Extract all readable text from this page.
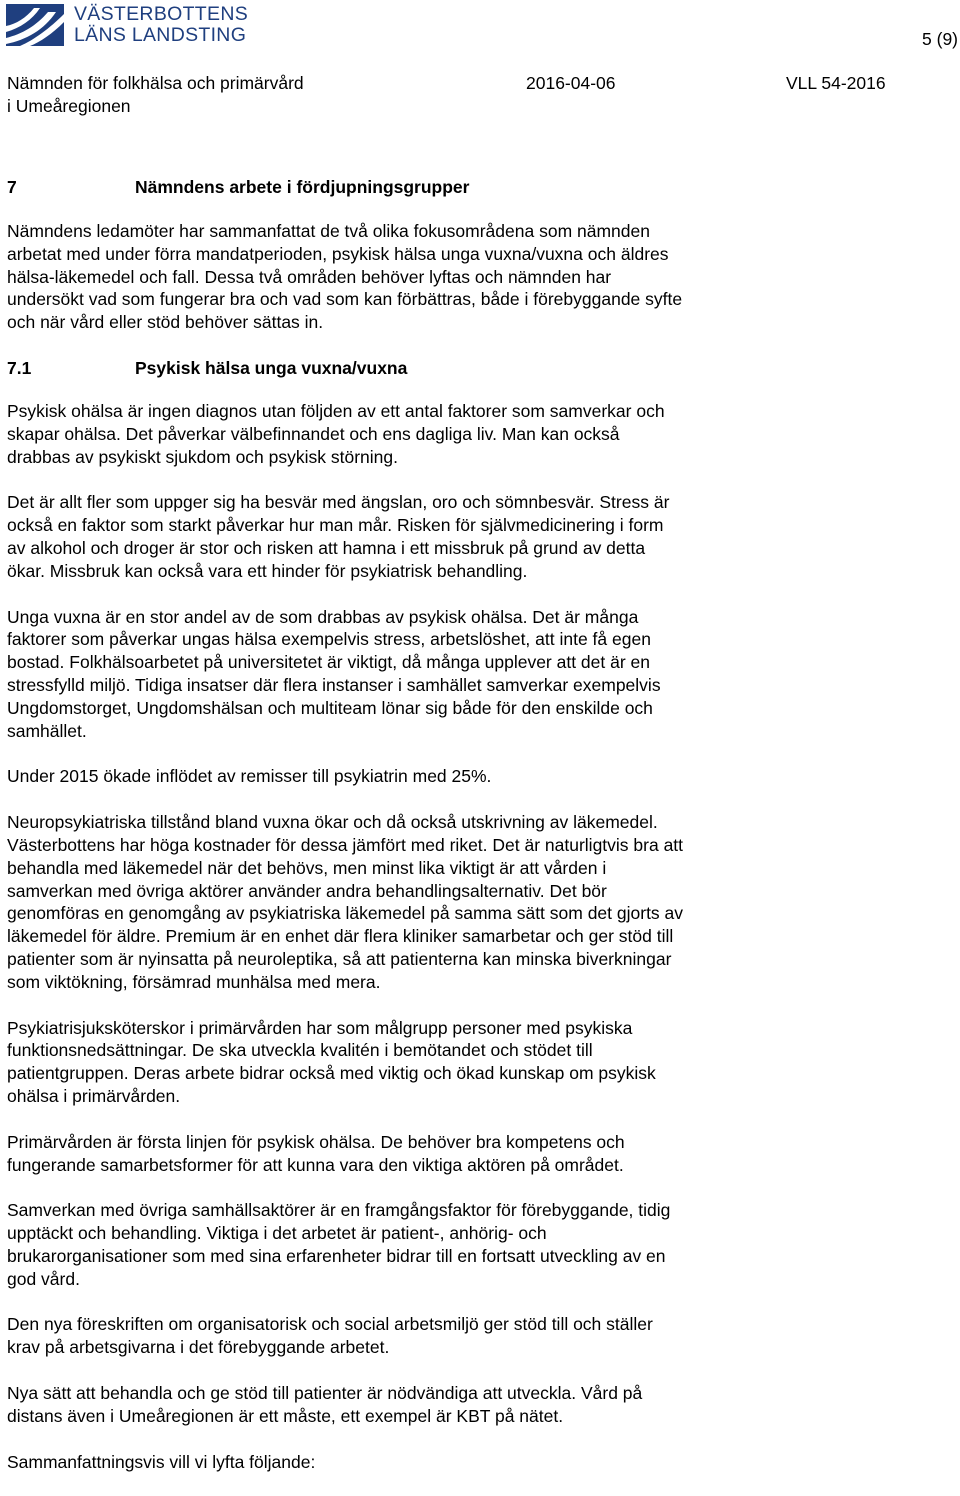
VÄSTERBOTTENS
LÄNS LANDSTING	5 (9)
Nämnden för folkhälsa och primärvård
i Umeåregionen
2016-04-06	VLL 54-2016
7	Nämndens arbete i fördjupningsgrupper

Nämndens ledamöter har sammanfattat de två olika fokusområdena som nämnden
arbetat med under förra mandatperioden, psykisk hälsa unga vuxna/vuxna och äldres
hälsa-läkemedel och fall. Dessa två områden behöver lyftas och nämnden har
undersökt vad som fungerar bra och vad som kan förbättras, både i förebyggande syfte
och när vård eller stöd behöver sättas in.

7.1	Psykisk hälsa unga vuxna/vuxna

Psykisk ohälsa är ingen diagnos utan följden av ett antal faktorer som samverkar och
skapar ohälsa. Det påverkar välbefinnandet och ens dagliga liv. Man kan också
drabbas av psykiskt sjukdom och psykisk störning.

Det är allt fler som uppger sig ha besvär med ängslan, oro och sömnbesvär. Stress är
också en faktor som starkt påverkar hur man mår. Risken för självmedicinering i form
av alkohol och droger är stor och risken att hamna i ett missbruk på grund av detta
ökar. Missbruk kan också vara ett hinder för psykiatrisk behandling.

Unga vuxna är en stor andel av de som drabbas av psykisk ohälsa. Det är många
faktorer som påverkar ungas hälsa exempelvis stress, arbetslöshet, att inte få egen
bostad. Folkhälsoarbetet på universitetet är viktigt, då många upplever att det är en
stressfylld miljö. Tidiga insatser där flera instanser i samhället samverkar exempelvis
Ungdomstorget, Ungdomshälsan och multiteam lönar sig både för den enskilde och
samhället.

Under 2015 ökade inflödet av remisser till psykiatrin med 25%.

Neuropsykiatriska tillstånd bland vuxna ökar och då också utskrivning av läkemedel.
Västerbottens har höga kostnader för dessa jämfört med riket. Det är naturligtvis bra att
behandla med läkemedel när det behövs, men minst lika viktigt är att vården i
samverkan med övriga aktörer använder andra behandlingsalternativ. Det bör
genomföras en genomgång av psykiatriska läkemedel på samma sätt som det gjorts av
läkemedel för äldre. Premium är en enhet där flera kliniker samarbetar och ger stöd till
patienter som är nyinsatta på neuroleptika, så att patienterna kan minska biverkningar
som viktökning, försämrad munhälsa med mera.

Psykiatrisjuksköterskor i primärvården har som målgrupp personer med psykiska
funktionsnedsättningar. De ska utveckla kvalitén i bemötandet och stödet till
patientgruppen. Deras arbete bidrar också med viktig och ökad kunskap om psykisk
ohälsa i primärvården.

Primärvården är första linjen för psykisk ohälsa. De behöver bra kompetens och
fungerande samarbetsformer för att kunna vara den viktiga aktören på området.

Samverkan med övriga samhällsaktörer är en framgångsfaktor för förebyggande, tidig
upptäckt och behandling. Viktiga i det arbetet är patient-, anhörig- och
brukarorganisationer som med sina erfarenheter bidrar till en fortsatt utveckling av en
god vård.

Den nya föreskriften om organisatorisk och social arbetsmiljö ger stöd till och ställer
krav på arbetsgivarna i det förebyggande arbetet.

Nya sätt att behandla och ge stöd till patienter är nödvändiga att utveckla. Vård på
distans även i Umeåregionen är ett måste, ett exempel är KBT på nätet.

Sammanfattningsvis vill vi lyfta följande:
